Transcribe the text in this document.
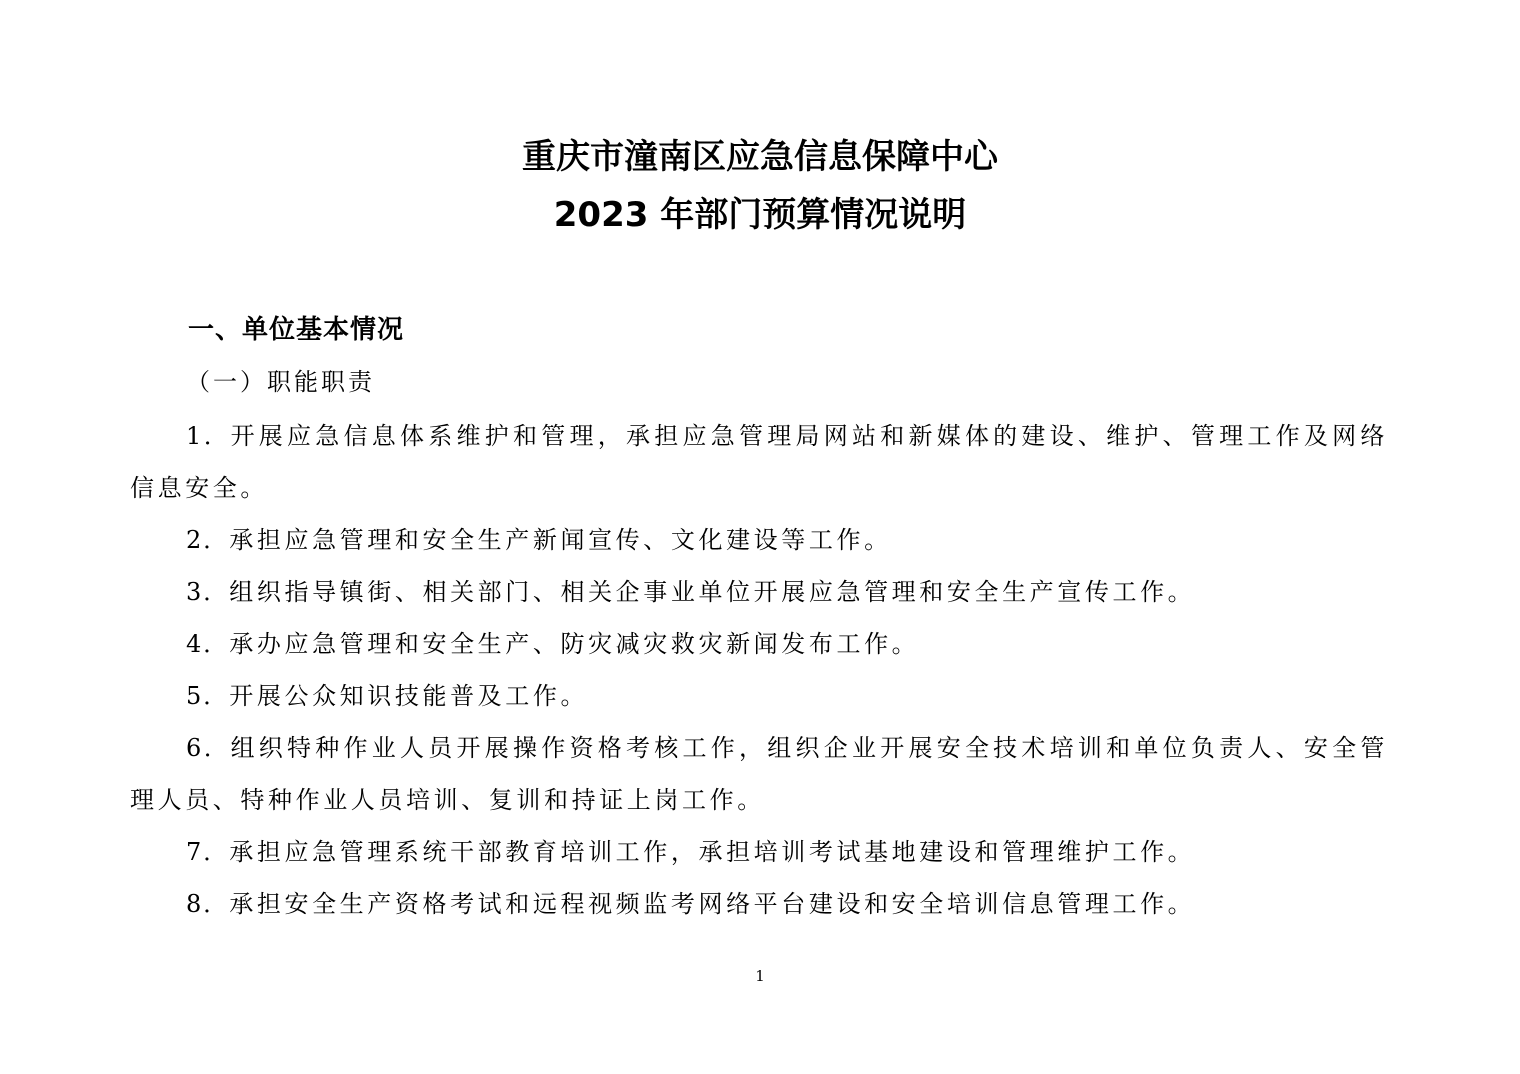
重庆市潼南区应急信息保障中心
2023 年部门预算情况说明
一、单位基本情况
（一）职能职责
1．开展应急信息体系维护和管理，承担应急管理局网站和新媒体的建设、维护、管理工作及网络信息安全。
2．承担应急管理和安全生产新闻宣传、文化建设等工作。
3．组织指导镇街、相关部门、相关企事业单位开展应急管理和安全生产宣传工作。
4．承办应急管理和安全生产、防灾减灾救灾新闻发布工作。
5．开展公众知识技能普及工作。
6．组织特种作业人员开展操作资格考核工作，组织企业开展安全技术培训和单位负责人、安全管理人员、特种作业人员培训、复训和持证上岗工作。
7．承担应急管理系统干部教育培训工作，承担培训考试基地建设和管理维护工作。
8．承担安全生产资格考试和远程视频监考网络平台建设和安全培训信息管理工作。
1
